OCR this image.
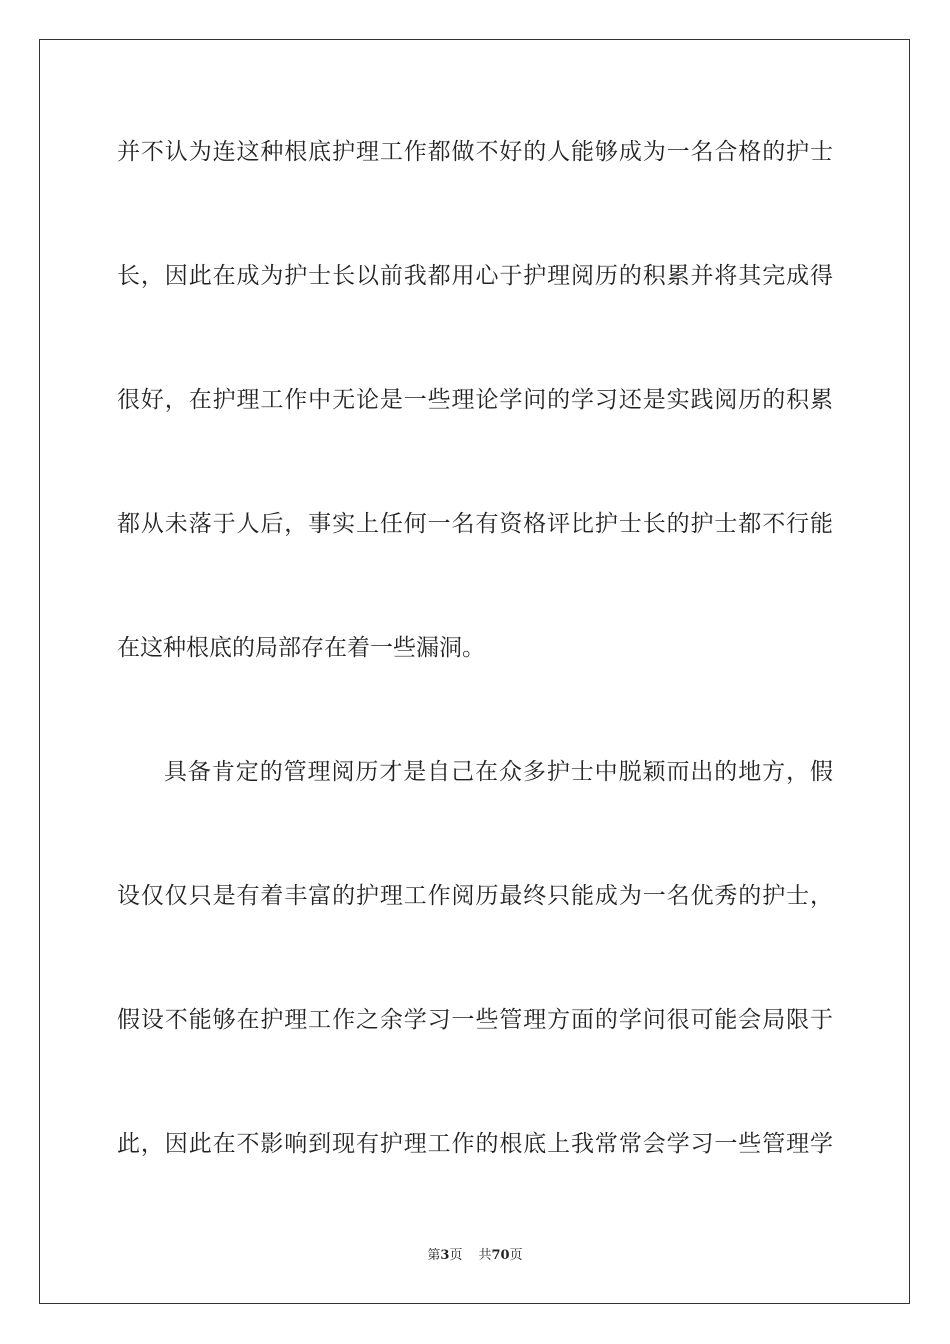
并不认为连这种根底护理工作都做不好的人能够成为一名合格的护士
长，因此在成为护士长以前我都用心于护理阅历的积累并将其完成得
很好，在护理工作中无论是一些理论学问的学习还是实践阅历的积累
都从未落于人后，事实上任何一名有资格评比护士长的护士都不行能
在这种根底的局部存在着一些漏洞。
具备肯定的管理阅历才是自己在众多护士中脱颖而出的地方，假
设仅仅只是有着丰富的护理工作阅历最终只能成为一名优秀的护士，
假设不能够在护理工作之余学习一些管理方面的学问很可能会局限于
此，因此在不影响到现有护理工作的根底上我常常会学习一些管理学
第3页 共70页
